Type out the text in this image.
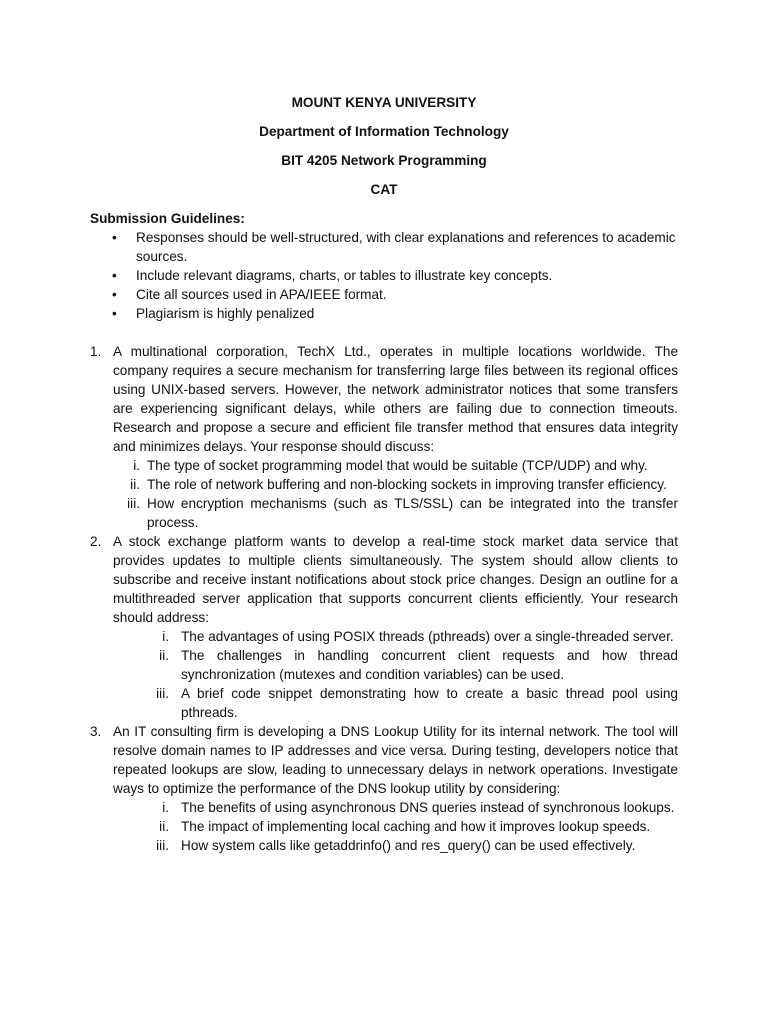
MOUNT KENYA UNIVERSITY
Department of Information Technology
BIT 4205 Network Programming
CAT
Submission Guidelines:
• Responses should be well-structured, with clear explanations and references to academic sources.
• Include relevant diagrams, charts, or tables to illustrate key concepts.
• Cite all sources used in APA/IEEE format.
• Plagiarism is highly penalized
1. A multinational corporation, TechX Ltd., operates in multiple locations worldwide. The company requires a secure mechanism for transferring large files between its regional offices using UNIX-based servers. However, the network administrator notices that some transfers are experiencing significant delays, while others are failing due to connection timeouts. Research and propose a secure and efficient file transfer method that ensures data integrity and minimizes delays. Your response should discuss:
i. The type of socket programming model that would be suitable (TCP/UDP) and why.
ii. The role of network buffering and non-blocking sockets in improving transfer efficiency.
iii. How encryption mechanisms (such as TLS/SSL) can be integrated into the transfer process.
2. A stock exchange platform wants to develop a real-time stock market data service that provides updates to multiple clients simultaneously. The system should allow clients to subscribe and receive instant notifications about stock price changes. Design an outline for a multithreaded server application that supports concurrent clients efficiently. Your research should address:
i. The advantages of using POSIX threads (pthreads) over a single-threaded server.
ii. The challenges in handling concurrent client requests and how thread synchronization (mutexes and condition variables) can be used.
iii. A brief code snippet demonstrating how to create a basic thread pool using pthreads.
3. An IT consulting firm is developing a DNS Lookup Utility for its internal network. The tool will resolve domain names to IP addresses and vice versa. During testing, developers notice that repeated lookups are slow, leading to unnecessary delays in network operations. Investigate ways to optimize the performance of the DNS lookup utility by considering:
i. The benefits of using asynchronous DNS queries instead of synchronous lookups.
ii. The impact of implementing local caching and how it improves lookup speeds.
iii. How system calls like getaddrinfo() and res_query() can be used effectively.
